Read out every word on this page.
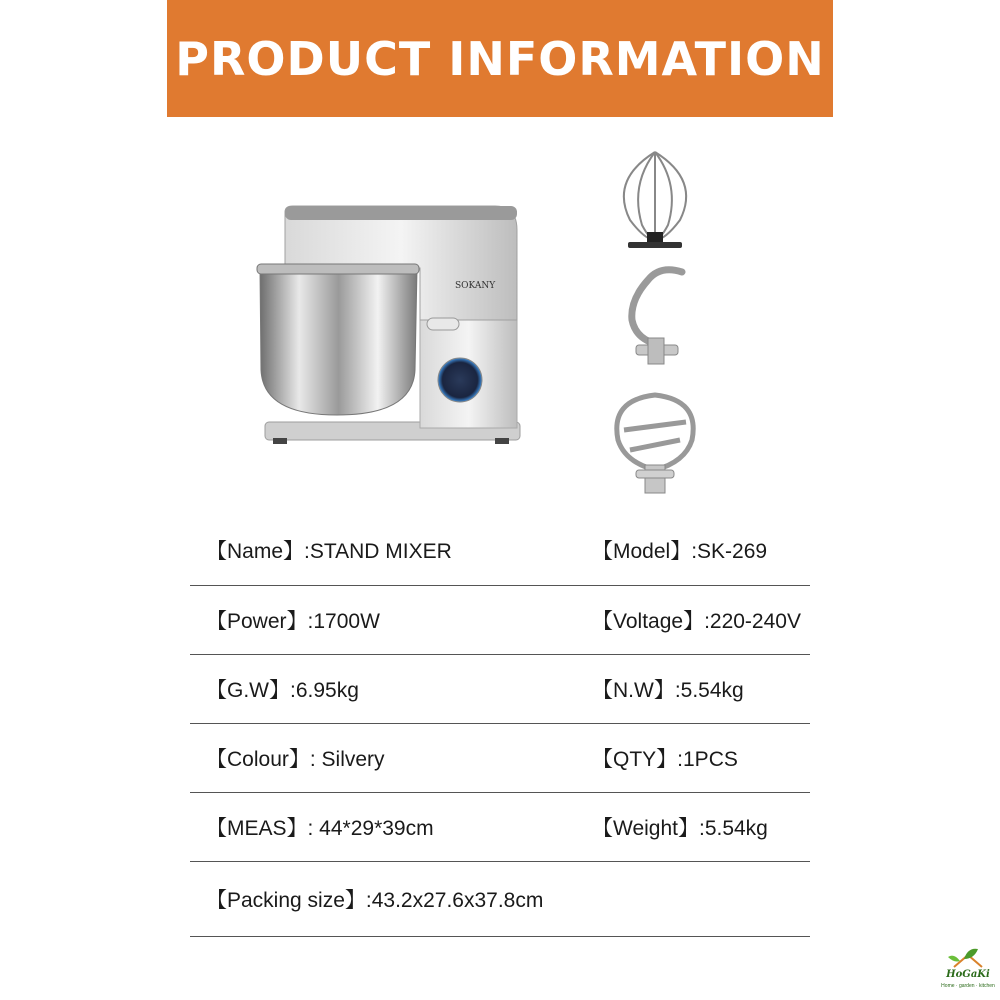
PRODUCT INFORMATION
SOKANY
【Name】:STAND MIXER	【Model】:SK-269
【Power】:1700W	【Voltage】:220-240V
【G.W】:6.95kg	【N.W】:5.54kg
【Colour】: Silvery	【QTY】:1PCS
【MEAS】: 44*29*39cm	【Weight】:5.54kg
【Packing size】:43.2x27.6x37.8cm
HoGaKi
Home · garden · kitchen
